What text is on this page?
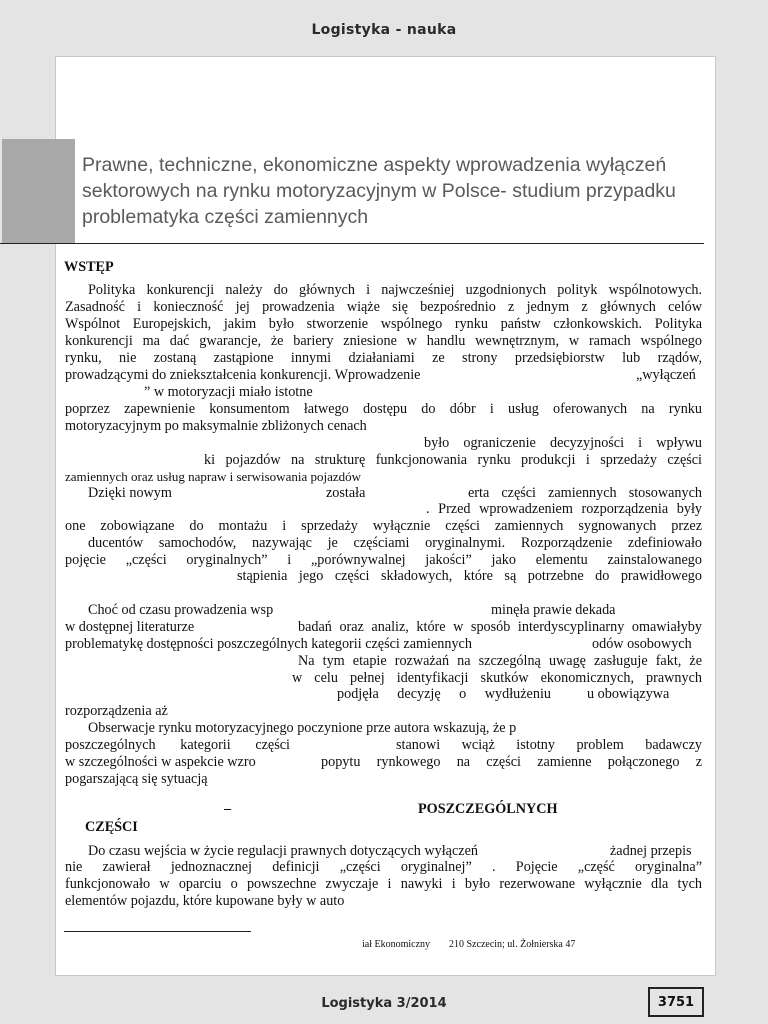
Logistyka - nauka
Prawne, techniczne, ekonomiczne aspekty wprowadzenia wyłączeń
sektorowych na rynku motoryzacyjnym w Polsce- studium przypadku
problematyka części zamiennych
WSTĘP
Polityka konkurencji należy do głównych i najwcześniej uzgodnionych polityk wspólnotowych.
Zasadność i konieczność jej prowadzenia wiąże się bezpośrednio z jednym z głównych celów
Wspólnot Europejskich, jakim było stworzenie wspólnego rynku państw członkowskich. Polityka
konkurencji ma dać gwarancje, że bariery zniesione w handlu wewnętrznym, w ramach wspólnego
rynku, nie zostaną zastąpione innymi działaniami ze strony przedsiębiorstw lub rządów,
prowadzącymi do zniekształcenia konkurencji. Wprowadzenie	„wyłączeń
” w motoryzacji miało istotne
poprzez zapewnienie konsumentom łatwego dostępu do dóbr i usług oferowanych na rynku
motoryzacyjnym po maksymalnie zbliżonych cenach
było ograniczenie decyzyjności i wpływu
ki pojazdów na strukturę funkcjonowania rynku produkcji i sprzedaży części
zamiennych oraz usług napraw i serwisowania pojazdów
Dzięki nowym	została	erta części zamiennych stosowanych
. Przed wprowadzeniem rozporządzenia były
one zobowiązane do montażu i sprzedaży wyłącznie części zamiennych sygnowanych przez
ducentów samochodów, nazywając je częściami oryginalnymi. Rozporządzenie zdefiniowało
pojęcie „części oryginalnych” i „porównywalnej jakości” jako elementu zainstalowanego
stąpienia jego części składowych, które są potrzebne do prawidłowego
Choć od czasu prowadzenia wsp	minęła prawie dekada
w dostępnej literaturze	badań oraz analiz, które w sposób interdyscyplinarny omawiałyby
problematykę dostępności poszczególnych kategorii części zamiennych	odów osobowych
Na tym etapie rozważań na szczególną uwagę zasługuje fakt, że
w celu pełnej identyfikacji skutków ekonomicznych, prawnych
podjęła decyzję o wydłużeniu	u obowiązywa
rozporządzenia aż
Obserwacje rynku motoryzacyjnego poczynione prze autora wskazują, że p
poszczególnych kategorii części	stanowi wciąż istotny problem badawczy
w szczególności w aspekcie wzro	popytu rynkowego na części zamienne połączonego z
pogarszającą się sytuacją
–	POSZCZEGÓLNYCH
CZĘŚCI
Do czasu wejścia w życie regulacji prawnych dotyczących wyłączeń	żadnej przepis
nie zawierał jednoznacznej definicji „części oryginalnej” . Pojęcie „część oryginalna”
funkcjonowało w oparciu o powszechne zwyczaje i nawyki i było rezerwowane wyłącznie dla tych
elementów pojazdu, które kupowane były w auto
iał Ekonomiczny 210 Szczecin; ul. Żołnierska 47
Logistyka 3/2014	3751
